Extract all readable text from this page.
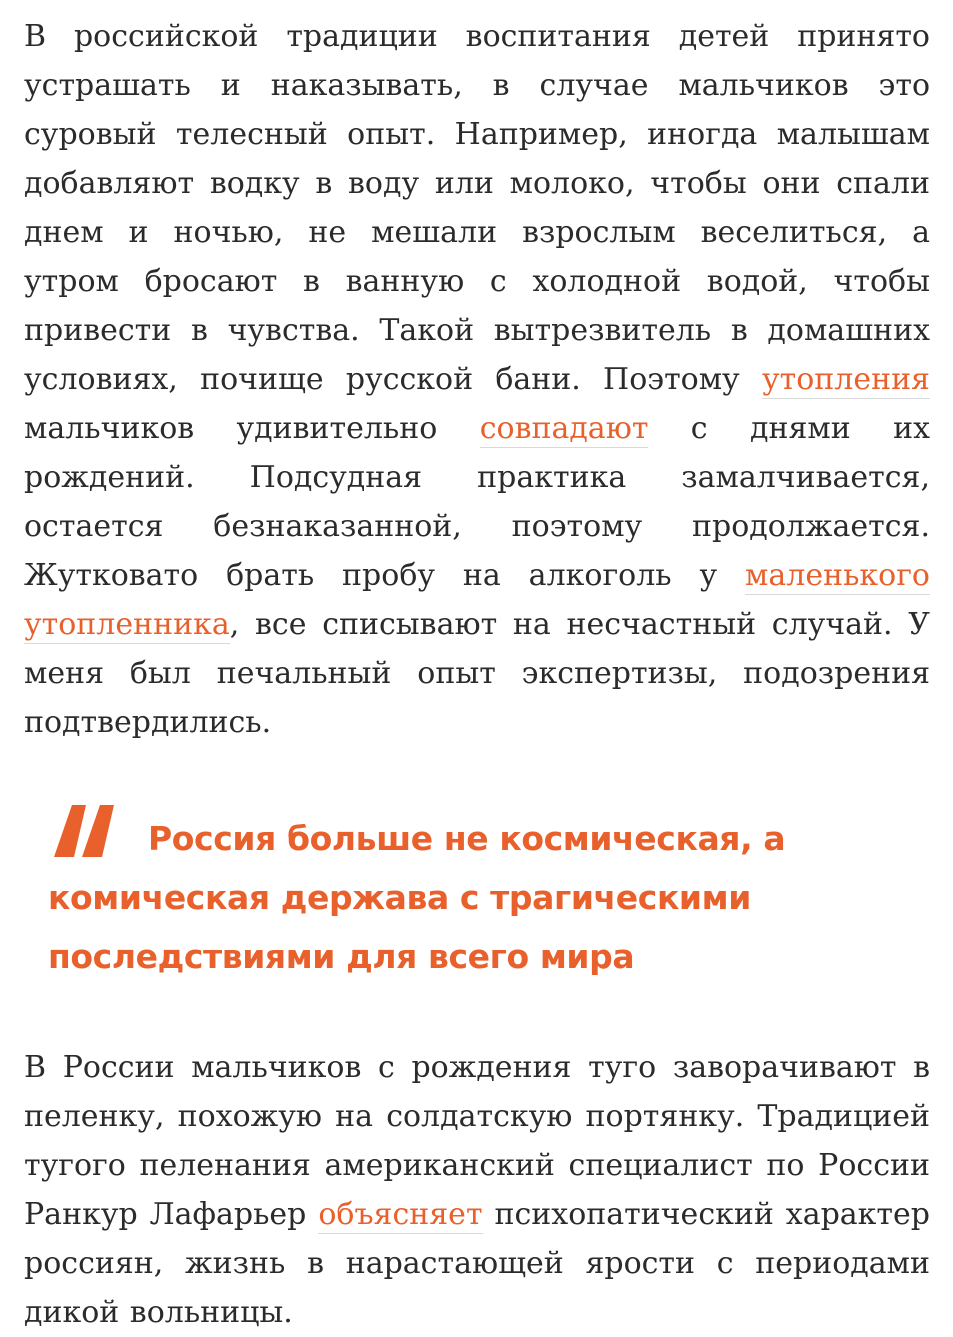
В российской традиции воспитания детей принято устрашать и наказывать, в случае мальчиков это суровый телесный опыт. Например, иногда малышам добавляют водку в воду или молоко, чтобы они спали днем и ночью, не мешали взрослым веселиться, а утром бросают в ванную с холодной водой, чтобы привести в чувства. Такой вытрезвитель в домашних условиях, почище русской бани. Поэтому утопления мальчиков удивительно совпадают с днями их рождений. Подсудная практика замалчивается, остается безнаказанной, поэтому продолжается. Жутковато брать пробу на алкоголь у маленького утопленника, все списывают на несчастный случай. У меня был печальный опыт экспертизы, подозрения подтвердились.

Россия больше не космическая, а комическая держава с трагическими последствиями для всего мира

В России мальчиков с рождения туго заворачивают в пеленку, похожую на солдатскую портянку. Традицией тугого пеленания американский специалист по России Ранкур Лафарьер объясняет психопатический характер россиян, жизнь в нарастающей ярости с периодами дикой вольницы.
